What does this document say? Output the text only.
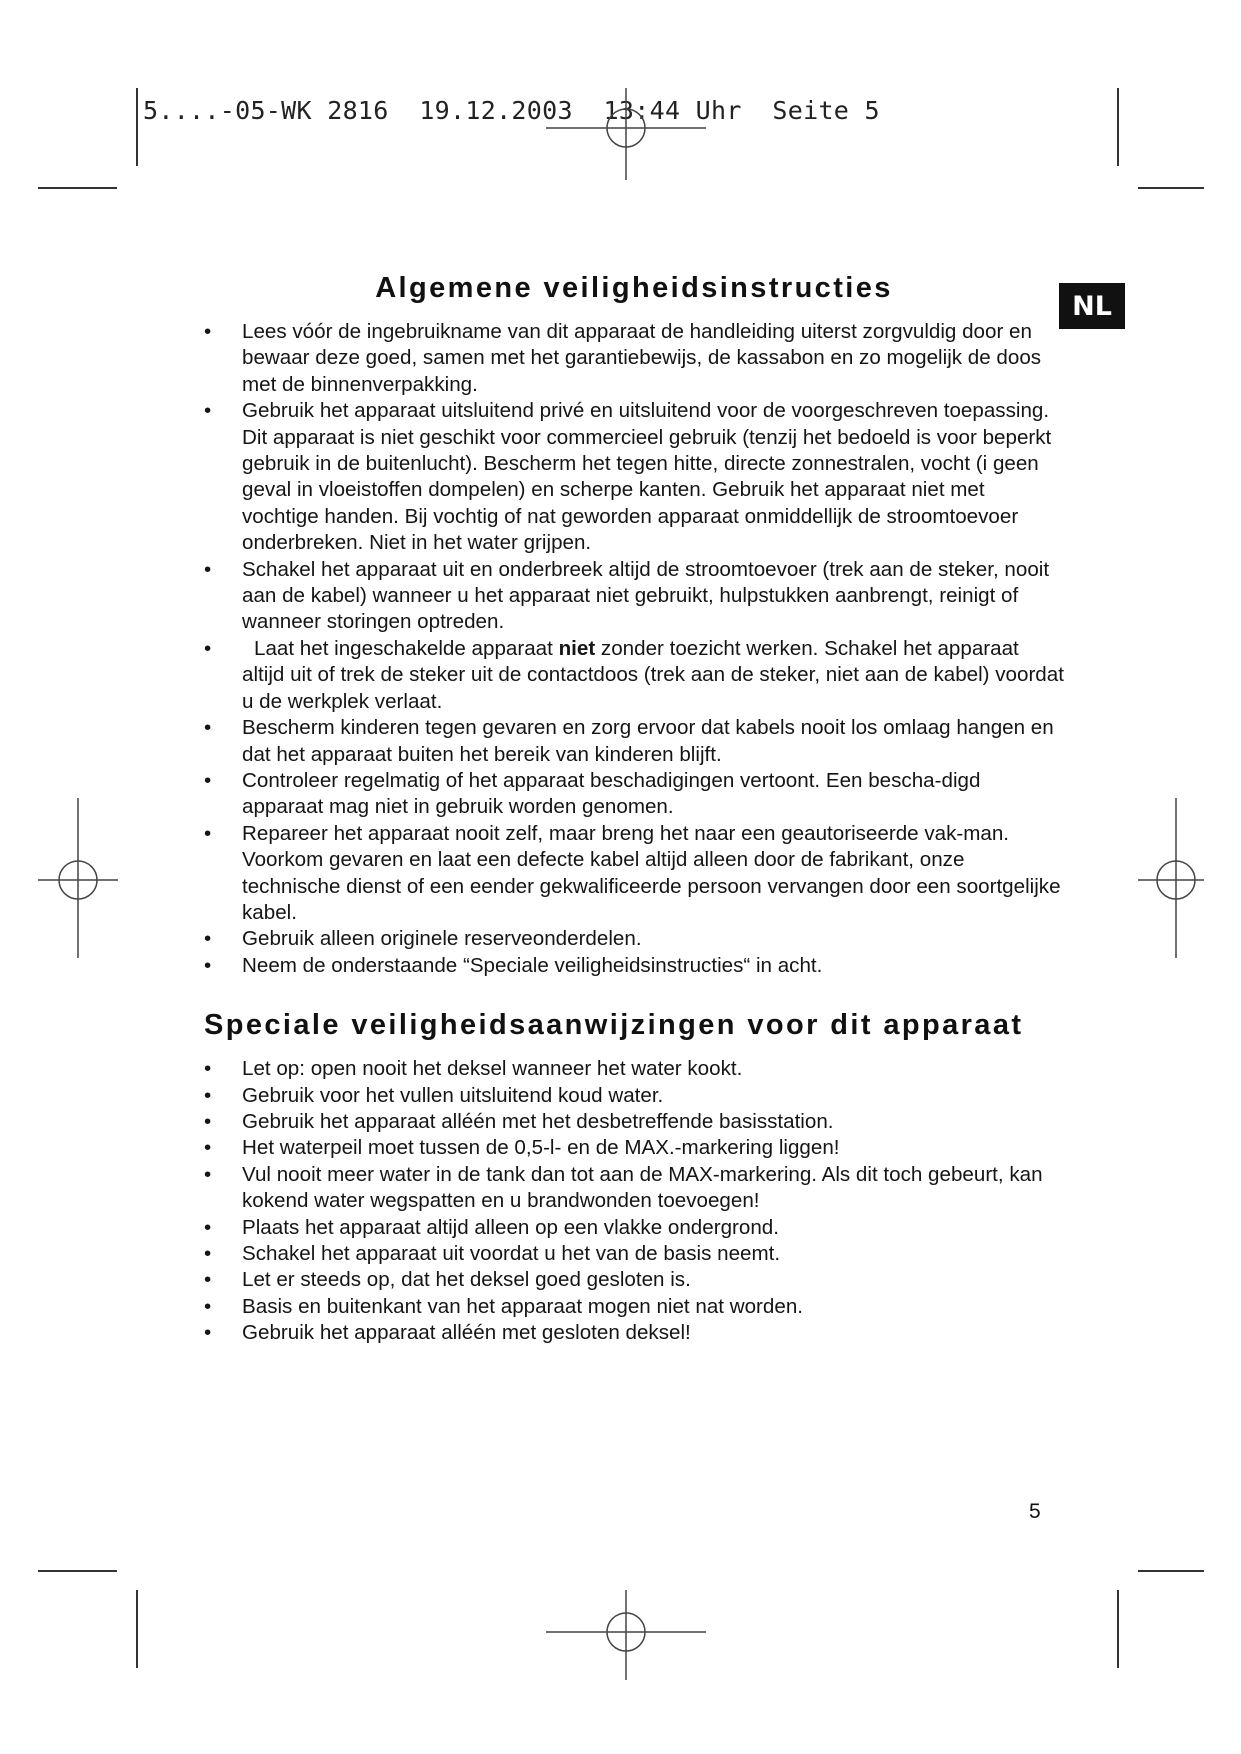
5....-05-WK 2816  19.12.2003  13:44 Uhr  Seite 5
NL
Algemene veiligheidsinstructies
• Lees vóór de ingebruikname van dit apparaat de handleiding uiterst zorgvuldig door en bewaar deze goed, samen met het garantiebewijs, de kassabon en zo mogelijk de doos met de binnenverpakking.
• Gebruik het apparaat uitsluitend privé en uitsluitend voor de voorgeschreven toepassing. Dit apparaat is niet geschikt voor commercieel gebruik (tenzij het bedoeld is voor beperkt gebruik in de buitenlucht). Bescherm het tegen hitte, directe zonnestralen, vocht (i geen geval in vloeistoffen dompelen) en scherpe kanten. Gebruik het apparaat niet met vochtige handen. Bij vochtig of nat geworden apparaat onmiddellijk de stroomtoevoer onderbreken. Niet in het water grijpen.
• Schakel het apparaat uit en onderbreek altijd de stroomtoevoer (trek aan de steker, nooit aan de kabel) wanneer u het apparaat niet gebruikt, hulpstukken aanbrengt, reinigt of wanneer storingen optreden.
• Laat het ingeschakelde apparaat niet zonder toezicht werken. Schakel het apparaat altijd uit of trek de steker uit de contactdoos (trek aan de steker, niet aan de kabel) voordat u de werkplek verlaat.
• Bescherm kinderen tegen gevaren en zorg ervoor dat kabels nooit los omlaag hangen en dat het apparaat buiten het bereik van kinderen blijft.
• Controleer regelmatig of het apparaat beschadigingen vertoont. Een bescha-digd apparaat mag niet in gebruik worden genomen.
• Repareer het apparaat nooit zelf, maar breng het naar een geautoriseerde vak-man. Voorkom gevaren en laat een defecte kabel altijd alleen door de fabrikant, onze technische dienst of een eender gekwalificeerde persoon vervangen door een soortgelijke kabel.
• Gebruik alleen originele reserveonderdelen.
• Neem de onderstaande “Speciale veiligheidsinstructies“ in acht.
Speciale veiligheidsaanwijzingen voor dit apparaat
• Let op: open nooit het deksel wanneer het water kookt.
• Gebruik voor het vullen uitsluitend koud water.
• Gebruik het apparaat alléén met het desbetreffende basisstation.
• Het waterpeil moet tussen de 0,5-l- en de MAX.-markering liggen!
• Vul nooit meer water in de tank dan tot aan de MAX-markering. Als dit toch gebeurt, kan kokend water wegspatten en u brandwonden toevoegen!
• Plaats het apparaat altijd alleen op een vlakke ondergrond.
• Schakel het apparaat uit voordat u het van de basis neemt.
• Let er steeds op, dat het deksel goed gesloten is.
• Basis en buitenkant van het apparaat mogen niet nat worden.
• Gebruik het apparaat alléén met gesloten deksel!
5
